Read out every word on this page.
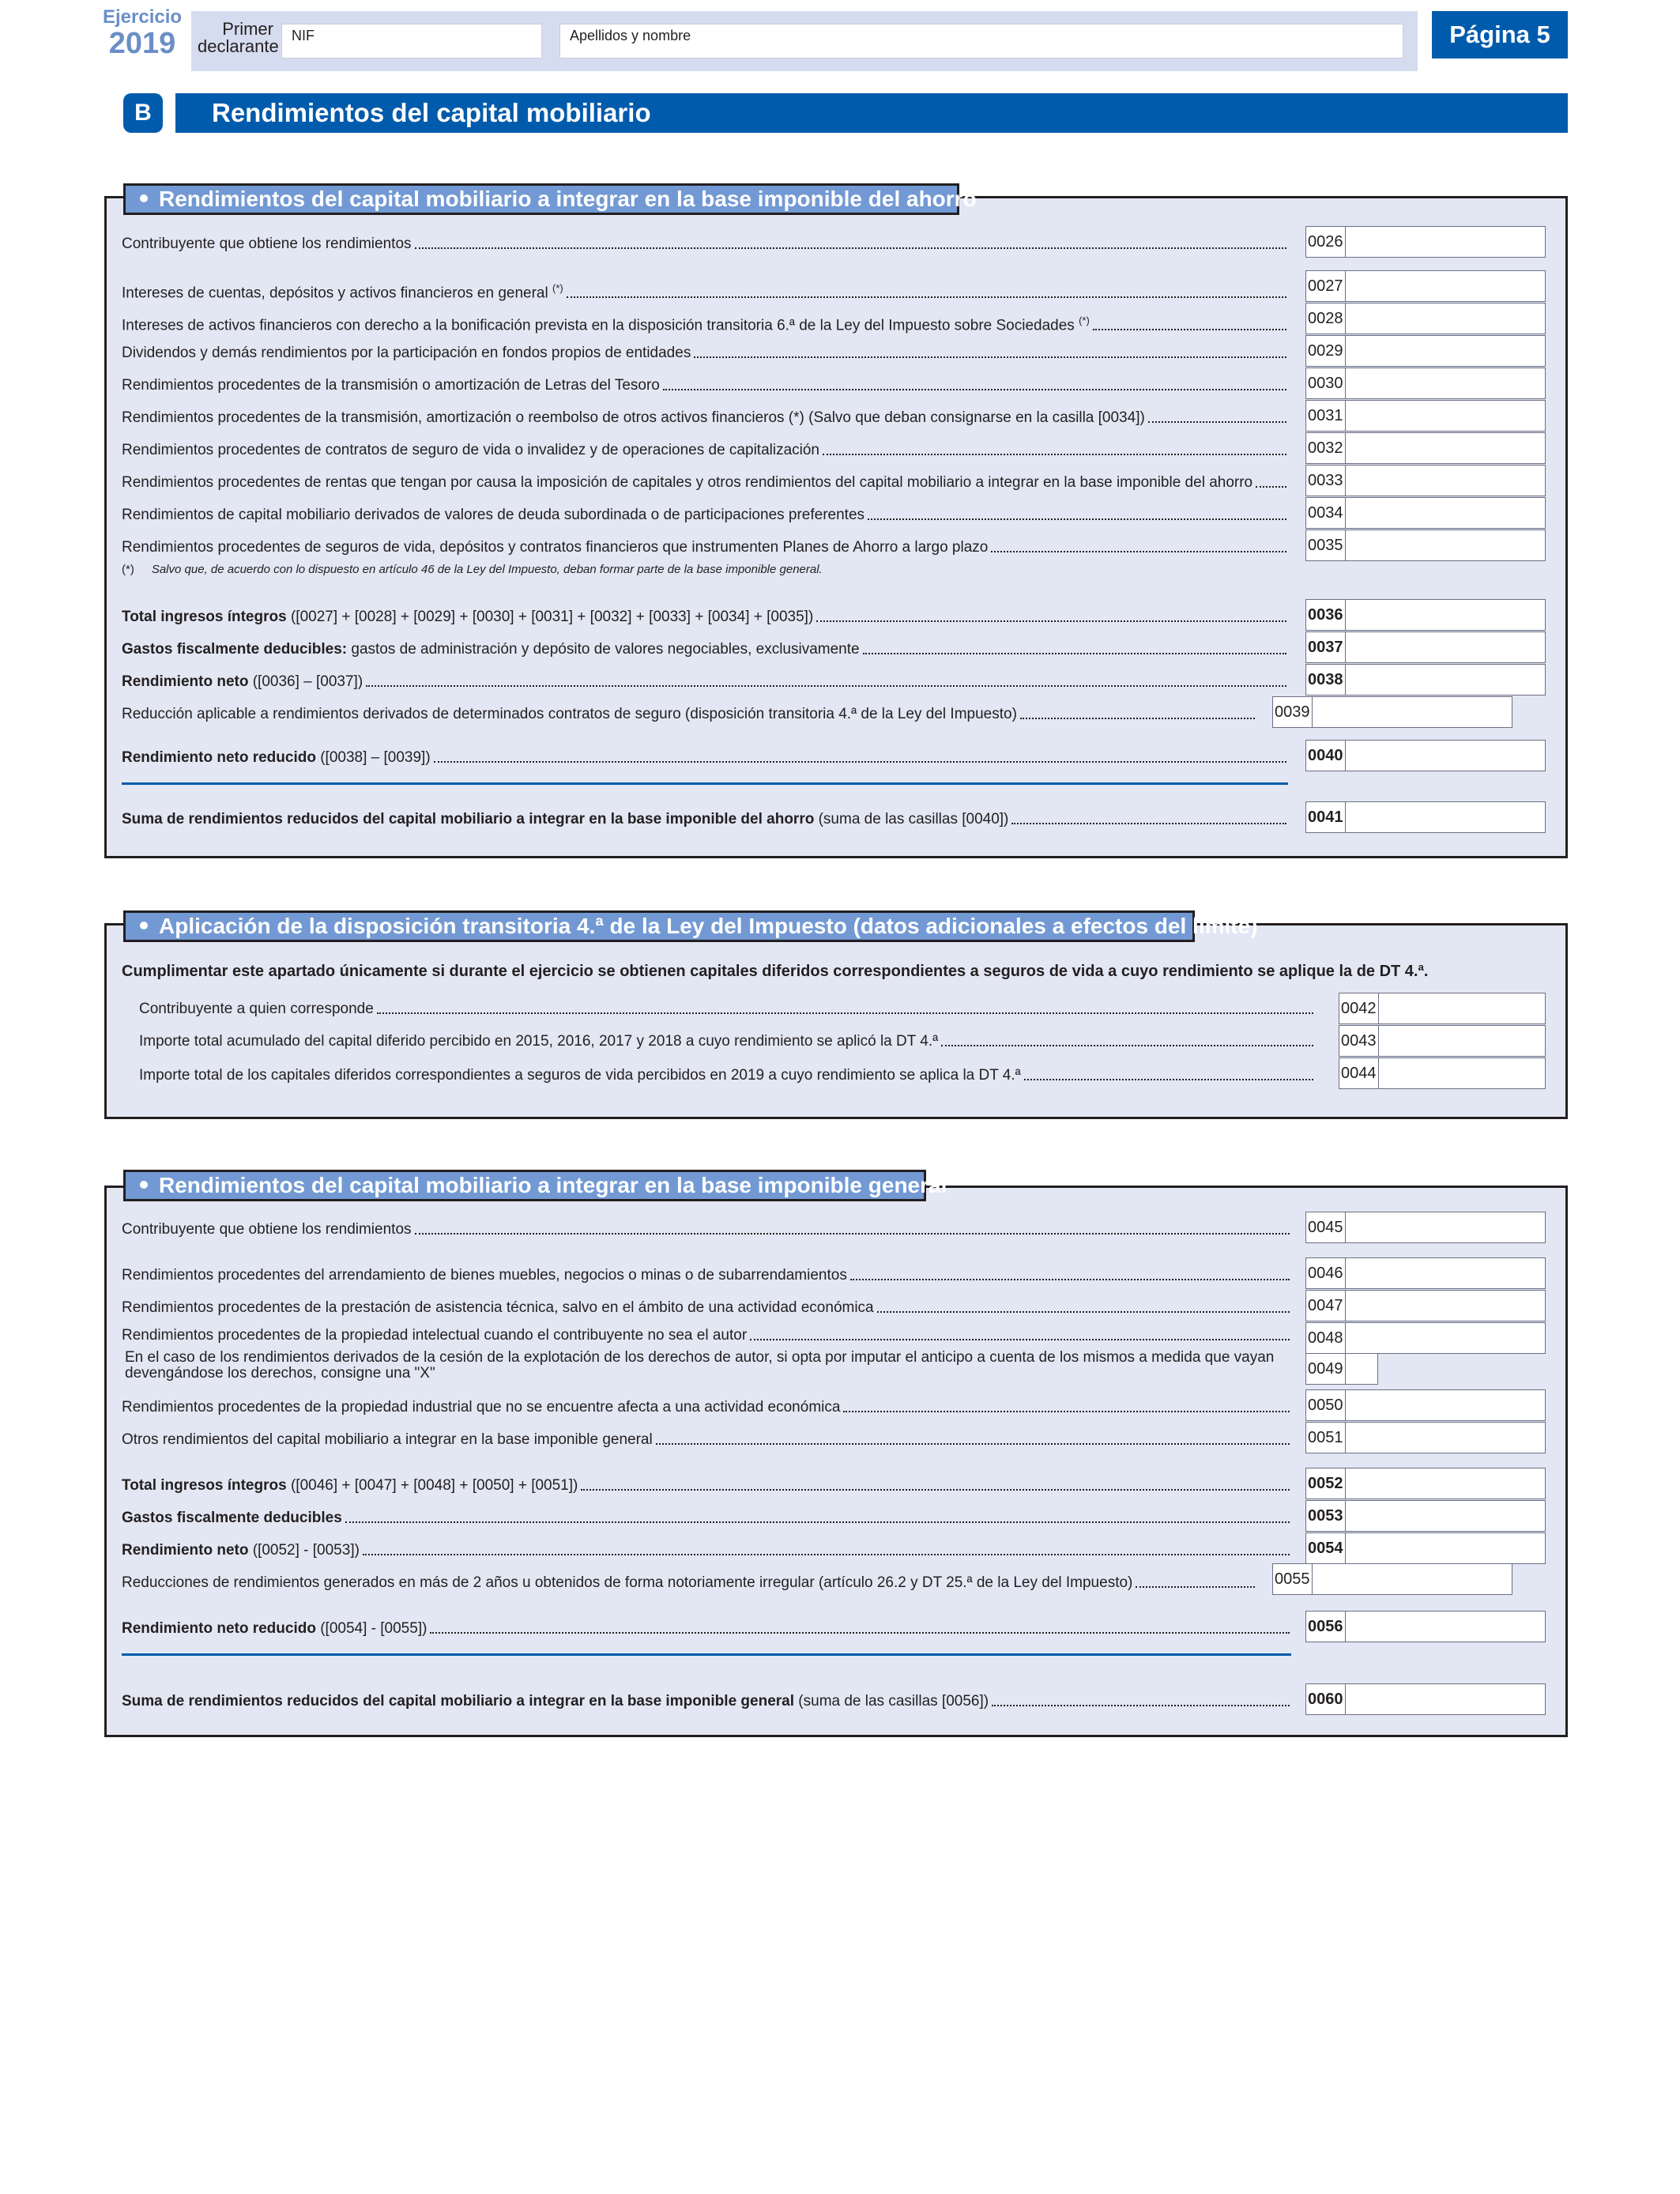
Ejercicio
2019	Primer
declarante
NIF	Apellidos y nombre	Página 5
B	Rendimientos del capital mobiliario
Rendimientos del capital mobiliario a integrar en la base imponible del ahorro
Contribuyente que obtiene los rendimientos	0026
Intereses de cuentas, depósitos y activos financieros en general (*)	0027
Intereses de activos financieros con derecho a la bonificación prevista en la disposición transitoria 6.ª de la Ley del Impuesto sobre Sociedades (*)	0028
Dividendos y demás rendimientos por la participación en fondos propios de entidades	0029
Rendimientos procedentes de la transmisión o amortización de Letras del Tesoro	0030
Rendimientos procedentes de la transmisión, amortización o reembolso de otros activos financieros (*) (Salvo que deban consignarse en la casilla [0034])	0031
Rendimientos procedentes de contratos de seguro de vida o invalidez y de operaciones de capitalización	0032
Rendimientos procedentes de rentas que tengan por causa la imposición de capitales y otros rendimientos del capital mobiliario a integrar en la base imponible del ahorro	0033
Rendimientos de capital mobiliario derivados de valores de deuda subordinada o de participaciones preferentes	0034
Rendimientos procedentes de seguros de vida, depósitos y contratos financieros que instrumenten Planes de Ahorro a largo plazo	0035
(*) Salvo que, de acuerdo con lo dispuesto en artículo 46 de la Ley del Impuesto, deban formar parte de la base imponible general.
Total ingresos íntegros ([0027] + [0028] + [0029] + [0030] + [0031] + [0032] + [0033] + [0034] + [0035])	0036
Gastos fiscalmente deducibles: gastos de administración y depósito de valores negociables, exclusivamente	0037
Rendimiento neto ([0036] – [0037])	0038
Reducción aplicable a rendimientos derivados de determinados contratos de seguro (disposición transitoria 4.ª de la Ley del Impuesto)	0039
Rendimiento neto reducido ([0038] – [0039])	0040
Suma de rendimientos reducidos del capital mobiliario a integrar en la base imponible del ahorro (suma de las casillas [0040])	0041
Aplicación de la disposición transitoria 4.ª de la Ley del Impuesto (datos adicionales a efectos del límite)
Cumplimentar este apartado únicamente si durante el ejercicio se obtienen capitales diferidos correspondientes a seguros de vida a cuyo rendimiento se aplique la de DT 4.ª.
Contribuyente a quien corresponde	0042
Importe total acumulado del capital diferido percibido en 2015, 2016, 2017 y 2018 a cuyo rendimiento se aplicó la DT 4.ª	0043
Importe total de los capitales diferidos correspondientes a seguros de vida percibidos en 2019 a cuyo rendimiento se aplica la DT 4.ª	0044
Rendimientos del capital mobiliario a integrar en la base imponible general
Contribuyente que obtiene los rendimientos	0045
Rendimientos procedentes del arrendamiento de bienes muebles, negocios o minas o de subarrendamientos	0046
Rendimientos procedentes de la prestación de asistencia técnica, salvo en el ámbito de una actividad económica	0047
Rendimientos procedentes de la propiedad intelectual cuando el contribuyente no sea el autor	0048
En el caso de los rendimientos derivados de la cesión de la explotación de los derechos de autor, si opta por imputar el anticipo a cuenta de los mismos a medida que vayan devengándose los derechos, consigne una "X"	0049
Rendimientos procedentes de la propiedad industrial que no se encuentre afecta a una actividad económica	0050
Otros rendimientos del capital mobiliario a integrar en la base imponible general	0051
Total ingresos íntegros ([0046] + [0047] + [0048] + [0050] + [0051])	0052
Gastos fiscalmente deducibles	0053
Rendimiento neto ([0052] - [0053])	0054
Reducciones de rendimientos generados en más de 2 años u obtenidos de forma notoriamente irregular (artículo 26.2 y DT 25.ª de la Ley del Impuesto)	0055
Rendimiento neto reducido ([0054] - [0055])	0056
Suma de rendimientos reducidos del capital mobiliario a integrar en la base imponible general (suma de las casillas [0056])	0060
